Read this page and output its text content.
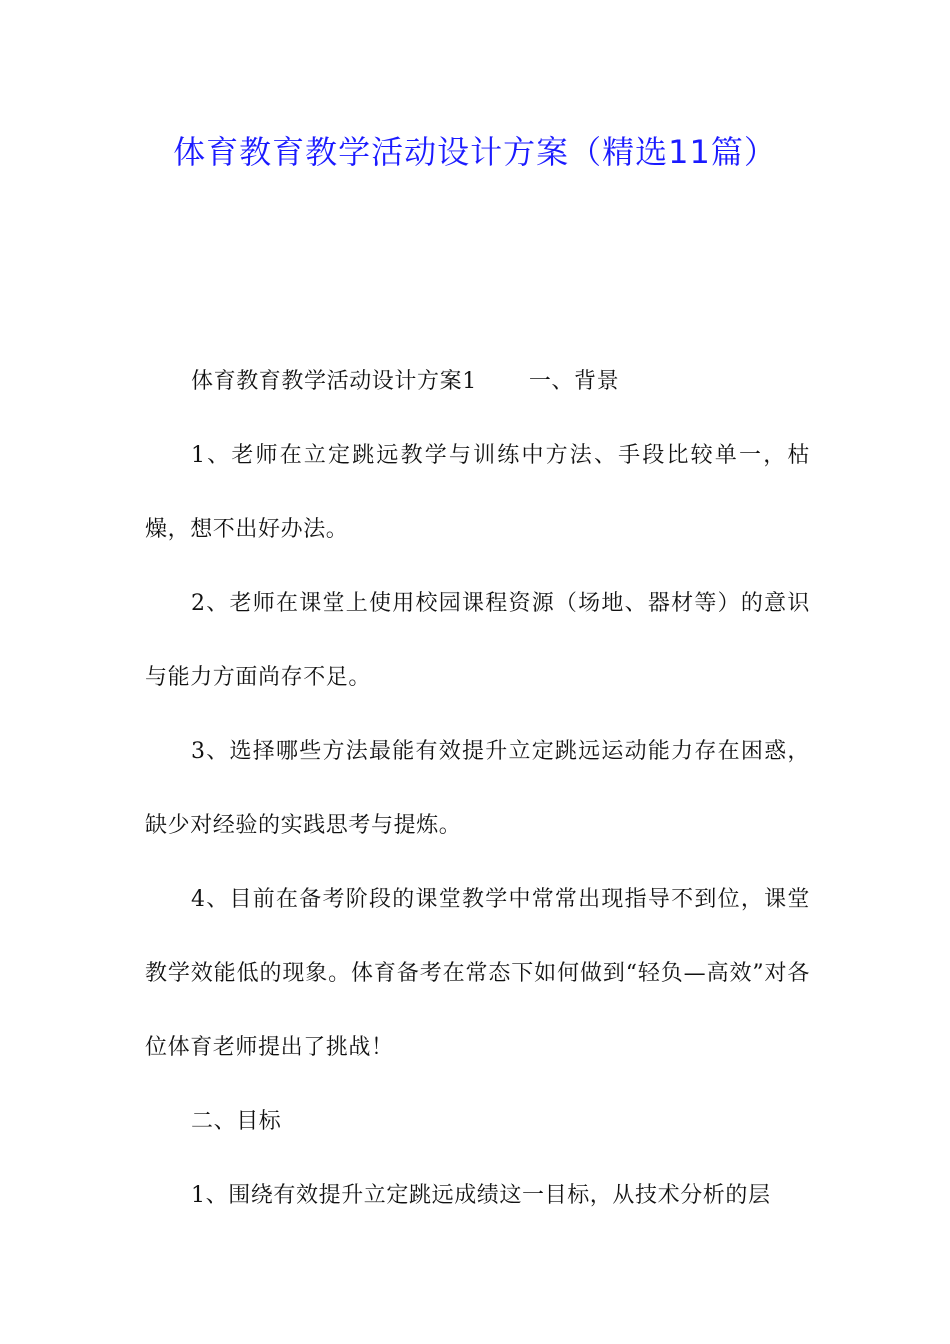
体育教育教学活动设计方案（精选11篇）

体育教育教学活动设计方案1 一、背景

1、老师在立定跳远教学与训练中方法、手段比较单一，枯燥，想不出好办法。

2、老师在课堂上使用校园课程资源（场地、器材等）的意识与能力方面尚存不足。

3、选择哪些方法最能有效提升立定跳远运动能力存在困惑，缺少对经验的实践思考与提炼。

4、目前在备考阶段的课堂教学中常常出现指导不到位，课堂教学效能低的现象。体育备考在常态下如何做到“轻负—高效”对各位体育老师提出了挑战！

二、目标

1、围绕有效提升立定跳远成绩这一目标，从技术分析的层
